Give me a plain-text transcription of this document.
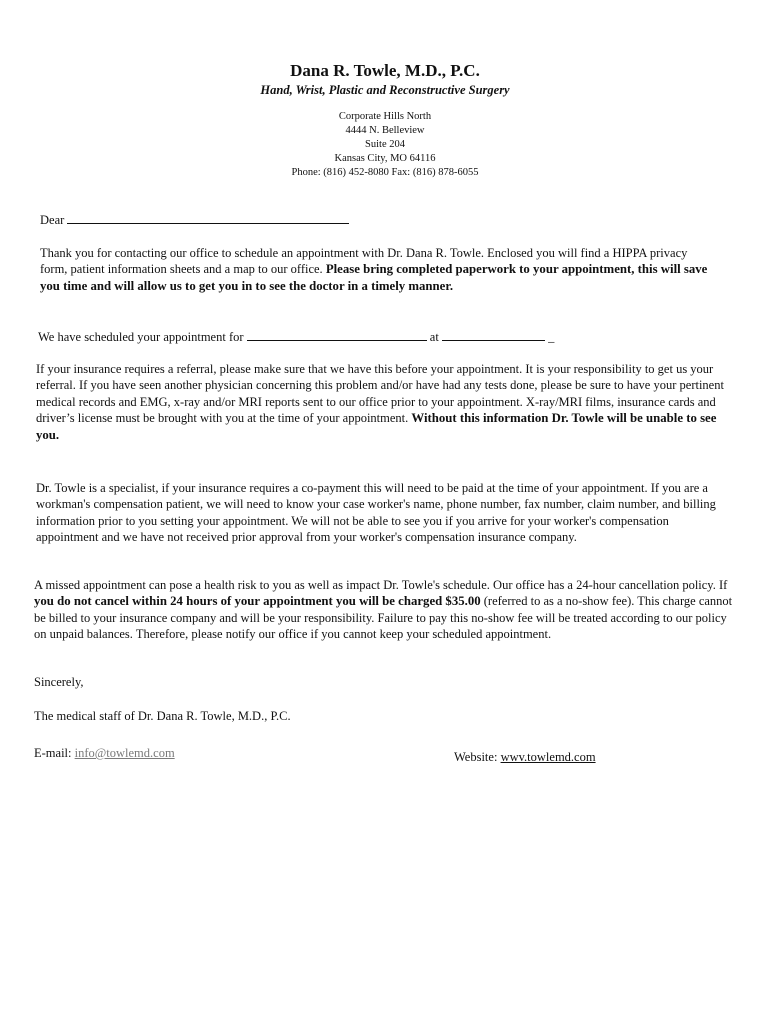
Dana R. Towle, M.D., P.C.
Hand, Wrist, Plastic and Reconstructive Surgery
Corporate Hills North
4444 N. Belleview
Suite 204
Kansas City, MO 64116
Phone: (816) 452-8080 Fax: (816) 878-6055
Dear
Thank you for contacting our office to schedule an appointment with Dr. Dana R. Towle. Enclosed you will find a HIPPA privacy form, patient information sheets and a map to our office. Please bring completed paperwork to your appointment, this will save you time and will allow us to get you in to see the doctor in a timely manner.
We have scheduled your appointment for	at	_
If your insurance requires a referral, please make sure that we have this before your appointment. It is your responsibility to get us your referral. If you have seen another physician concerning this problem and/or have had any tests done, please be sure to have your pertinent medical records and EMG, x-ray and/or MRI reports sent to our office prior to your appointment. X-ray/MRI films, insurance cards and driver’s license must be brought with you at the time of your appointment. Without this information Dr. Towle will be unable to see you.
Dr. Towle is a specialist, if your insurance requires a co-payment this will need to be paid at the time of your appointment. If you are a workman's compensation patient, we will need to know your case worker's name, phone number, fax number, claim number, and billing information prior to you setting your appointment. We will not be able to see you if you arrive for your worker's compensation appointment and we have not received prior approval from your worker's compensation insurance company.
A missed appointment can pose a health risk to you as well as impact Dr. Towle's schedule. Our office has a 24-hour cancellation policy. If you do not cancel within 24 hours of your appointment you will be charged $35.00 (referred to as a no-show fee). This charge cannot be billed to your insurance company and will be your responsibility. Failure to pay this no-show fee will be treated according to our policy on unpaid balances. Therefore, please notify our office if you cannot keep your scheduled appointment.
Sincerely,
The medical staff of Dr. Dana R. Towle, M.D., P.C.
E-mail: info@towlemd.com	Website: wwv.towlemd.com
